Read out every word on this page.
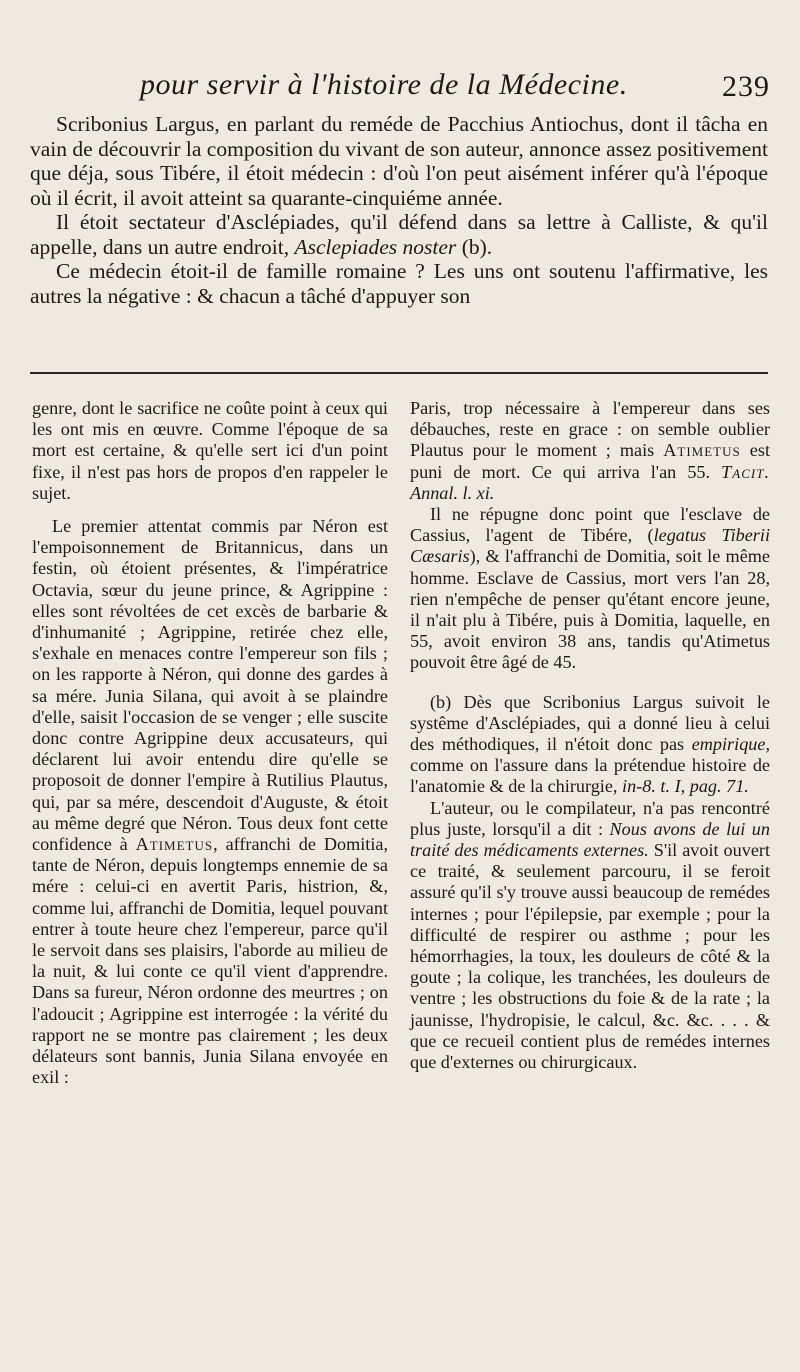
pour servir à l'histoire de la Médecine.	239

Scribonius Largus, en parlant du reméde de Pacchius Antiochus, dont il tâcha en vain de découvrir la composition du vivant de son auteur, annonce assez positivement que déja, sous Tibére, il étoit médecin : d'où l'on peut aisément inférer qu'à l'époque où il écrit, il avoit atteint sa quarante-cinquiéme année.

Il étoit sectateur d'Asclépiades, qu'il défend dans sa lettre à Calliste, & qu'il appelle, dans un autre endroit, Asclepiades noster (b).

Ce médecin étoit-il de famille romaine ? Les uns ont soutenu l'affirmative, les autres la négative : & chacun a tâché d'appuyer son

genre, dont le sacrifice ne coûte point à ceux qui les ont mis en œuvre. Comme l'époque de sa mort est certaine, & qu'elle sert ici d'un point fixe, il n'est pas hors de propos d'en rappeler le sujet.

Le premier attentat commis par Néron est l'empoisonnement de Britannicus, dans un festin, où étoient présentes, & l'impératrice Octavia, sœur du jeune prince, & Agrippine : elles sont révoltées de cet excès de barbarie & d'inhumanité ; Agrippine, retirée chez elle, s'exhale en menaces contre l'empereur son fils ; on les rapporte à Néron, qui donne des gardes à sa mére. Junia Silana, qui avoit à se plaindre d'elle, saisit l'occasion de se venger ; elle suscite donc contre Agrippine deux accusateurs, qui déclarent lui avoir entendu dire qu'elle se proposoit de donner l'empire à Rutilius Plautus, qui, par sa mére, descendoit d'Auguste, & étoit au même degré que Néron. Tous deux font cette confidence à Atimetus, affranchi de Domitia, tante de Néron, depuis longtemps ennemie de sa mére : celui-ci en avertit Paris, histrion, &, comme lui, affranchi de Domitia, lequel pouvant entrer à toute heure chez l'empereur, parce qu'il le servoit dans ses plaisirs, l'aborde au milieu de la nuit, & lui conte ce qu'il vient d'apprendre. Dans sa fureur, Néron ordonne des meurtres ; on l'adoucit ; Agrippine est interrogée : la vérité du rapport ne se montre pas clairement ; les deux délateurs sont bannis, Junia Silana envoyée en exil :

Paris, trop nécessaire à l'empereur dans ses débauches, reste en grace : on semble oublier Plautus pour le moment ; mais Atimetus est puni de mort. Ce qui arriva l'an 55. Tacit. Annal. l. xi.

Il ne répugne donc point que l'esclave de Cassius, l'agent de Tibére, (legatus Tiberii Cæsaris), & l'affranchi de Domitia, soit le même homme. Esclave de Cassius, mort vers l'an 28, rien n'empêche de penser qu'étant encore jeune, il n'ait plu à Tibére, puis à Domitia, laquelle, en 55, avoit environ 38 ans, tandis qu'Atimetus pouvoit être âgé de 45.

(b) Dès que Scribonius Largus suivoit le systême d'Asclépiades, qui a donné lieu à celui des méthodiques, il n'étoit donc pas empirique, comme on l'assure dans la prétendue histoire de l'anatomie & de la chirurgie, in-8. t. I, pag. 71.

L'auteur, ou le compilateur, n'a pas rencontré plus juste, lorsqu'il a dit : Nous avons de lui un traité des médicaments externes. S'il avoit ouvert ce traité, & seulement parcouru, il se feroit assuré qu'il s'y trouve aussi beaucoup de remédes internes ; pour l'épilepsie, par exemple ; pour la difficulté de respirer ou asthme ; pour les hémorrhagies, la toux, les douleurs de côté & la goute ; la colique, les tranchées, les douleurs de ventre ; les obstructions du foie & de la rate ; la jaunisse, l'hydropisie, le calcul, &c. &c. . . . & que ce recueil contient plus de remédes internes que d'externes ou chirurgicaux.
